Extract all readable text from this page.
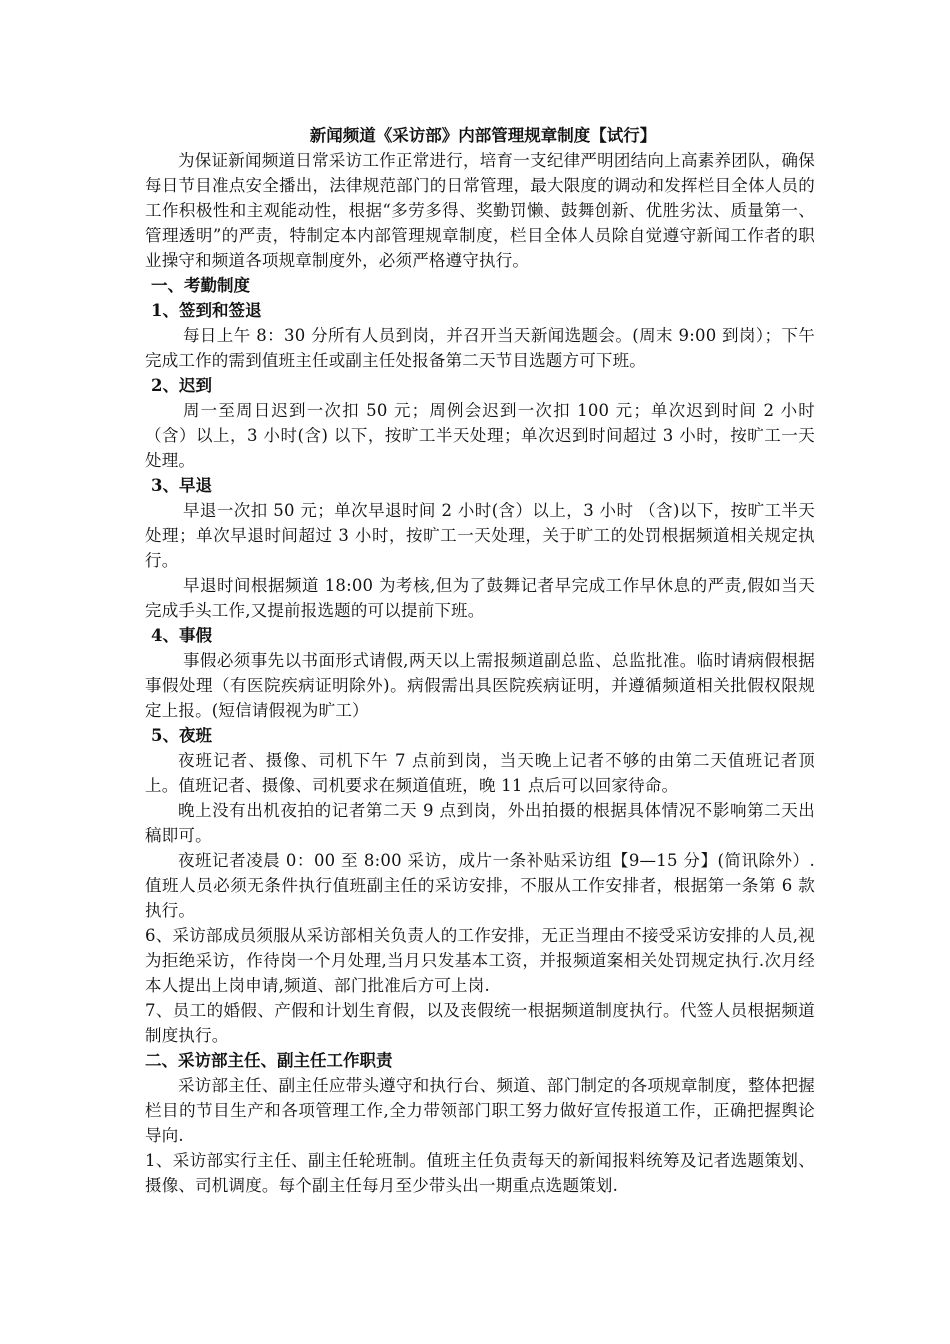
新闻频道《采访部》内部管理规章制度【试行】

为保证新闻频道日常采访工作正常进行，培育一支纪律严明团结向上高素养团队，确保每日节目准点安全播出，法律规范部门的日常管理，最大限度的调动和发挥栏目全体人员的工作积极性和主观能动性，根据“多劳多得、奖勤罚懒、鼓舞创新、优胜劣汰、质量第一、管理透明”的严责，特制定本内部管理规章制度，栏目全体人员除自觉遵守新闻工作者的职业操守和频道各项规章制度外，必须严格遵守执行。

一、考勤制度

1、签到和签退

每日上午 8：30 分所有人员到岗，并召开当天新闻选题会。(周末 9:00 到岗）；下午完成工作的需到值班主任或副主任处报备第二天节目选题方可下班。

2、迟到

周一至周日迟到一次扣 50 元；周例会迟到一次扣 100 元；单次迟到时间 2 小时（含）以上，3 小时(含) 以下，按旷工半天处理；单次迟到时间超过 3 小时，按旷工一天处理。

3、早退

早退一次扣 50 元；单次早退时间 2 小时(含）以上，3 小时 （含)以下，按旷工半天处理；单次早退时间超过 3 小时，按旷工一天处理，关于旷工的处罚根据频道相关规定执行。

早退时间根据频道 18:00 为考核,但为了鼓舞记者早完成工作早休息的严责,假如当天完成手头工作,又提前报选题的可以提前下班。

4、事假

事假必须事先以书面形式请假,两天以上需报频道副总监、总监批准。临时请病假根据事假处理（有医院疾病证明除外)。病假需出具医院疾病证明，并遵循频道相关批假权限规定上报。(短信请假视为旷工）

5、夜班

夜班记者、摄像、司机下午 7 点前到岗，当天晚上记者不够的由第二天值班记者顶上。值班记者、摄像、司机要求在频道值班，晚 11 点后可以回家待命。

晚上没有出机夜拍的记者第二天 9 点到岗，外出拍摄的根据具体情况不影响第二天出稿即可。

夜班记者凌晨 0：00 至 8:00 采访，成片一条补贴采访组【9—15 分】(简讯除外）.值班人员必须无条件执行值班副主任的采访安排，不服从工作安排者，根据第一条第 6 款执行。

6、采访部成员须服从采访部相关负责人的工作安排，无正当理由不接受采访安排的人员,视为拒绝采访，作待岗一个月处理,当月只发基本工资，并报频道案相关处罚规定执行.次月经本人提出上岗申请,频道、部门批准后方可上岗.

7、员工的婚假、产假和计划生育假，以及丧假统一根据频道制度执行。代签人员根据频道制度执行。

二、采访部主任、副主任工作职责

采访部主任、副主任应带头遵守和执行台、频道、部门制定的各项规章制度，整体把握栏目的节目生产和各项管理工作,全力带领部门职工努力做好宣传报道工作，正确把握舆论导向.

1、采访部实行主任、副主任轮班制。值班主任负责每天的新闻报料统筹及记者选题策划、摄像、司机调度。每个副主任每月至少带头出一期重点选题策划.
